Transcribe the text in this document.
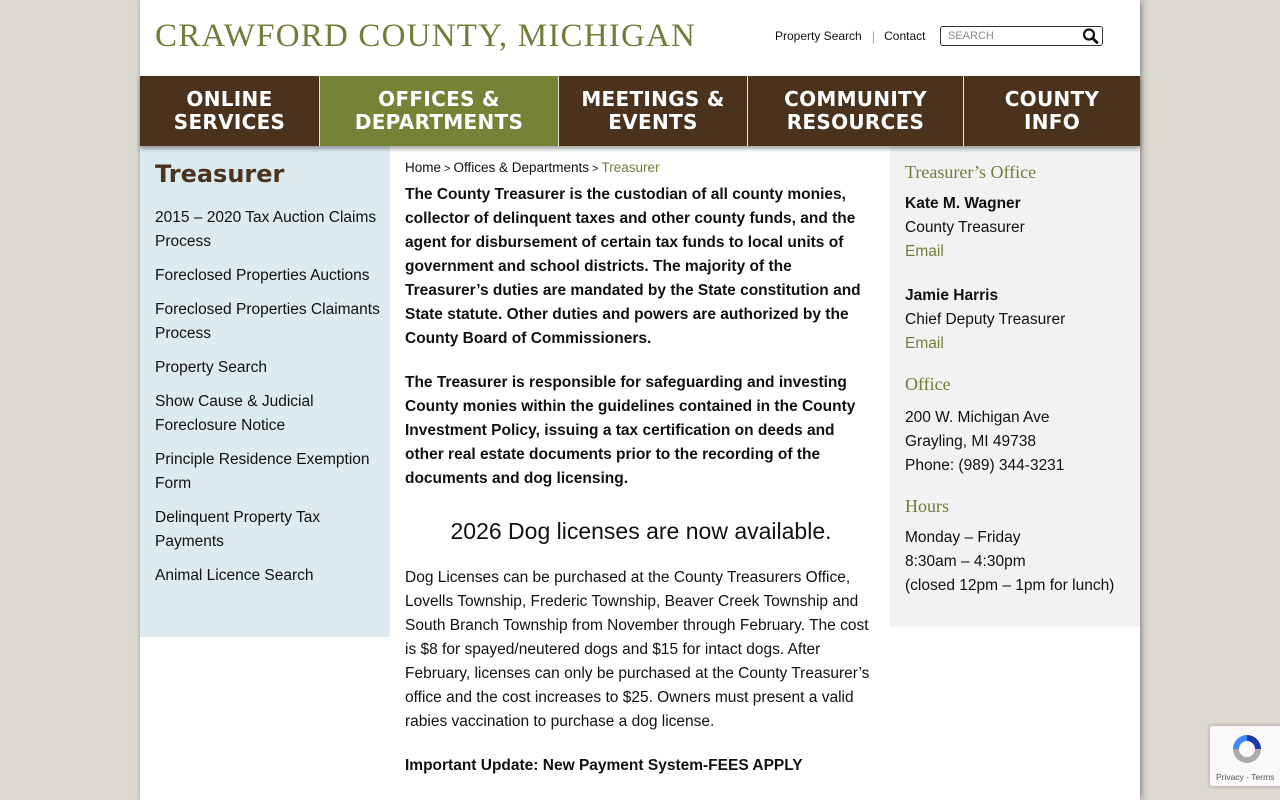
CRAWFORD COUNTY, MICHIGAN	Property Search | Contact
SEARCH
ONLINE
SERVICES
OFFICES &
DEPARTMENTS
MEETINGS &
EVENTS
COMMUNITY
RESOURCES
COUNTY
INFO
Treasurer
2015 – 2020 Tax Auction Claims Process
Foreclosed Properties Auctions
Foreclosed Properties Claimants Process
Property Search
Show Cause & Judicial Foreclosure Notice
Principle Residence Exemption Form
Delinquent Property Tax Payments
Animal Licence Search
Home > Offices & Departments > Treasurer

The County Treasurer is the custodian of all county monies, collector of delinquent taxes and other county funds, and the agent for disbursement of certain tax funds to local units of government and school districts. The majority of the Treasurer’s duties are mandated by the State constitution and State statute. Other duties and powers are authorized by the County Board of Commissioners.

The Treasurer is responsible for safeguarding and investing County monies within the guidelines contained in the County Investment Policy, issuing a tax certification on deeds and other real estate documents prior to the recording of the documents and dog licensing.

2026 Dog licenses are now available.

Dog Licenses can be purchased at the County Treasurers Office, Lovells Township, Frederic Township, Beaver Creek Township and South Branch Township from November through February. The cost is $8 for spayed/neutered dogs and $15 for intact dogs. After February, licenses can only be purchased at the County Treasurer’s office and the cost increases to $25. Owners must present a valid rabies vaccination to purchase a dog license.

Important Update: New Payment System-FEES APPLY

Treasurer’s Office
Kate M. Wagner
County Treasurer
Email
Jamie Harris
Chief Deputy Treasurer
Email
Office
200 W. Michigan Ave
Grayling, MI 49738
Phone: (989) 344-3231
Hours
Monday – Friday
8:30am – 4:30pm
(closed 12pm – 1pm for lunch)
Privacy - Terms
